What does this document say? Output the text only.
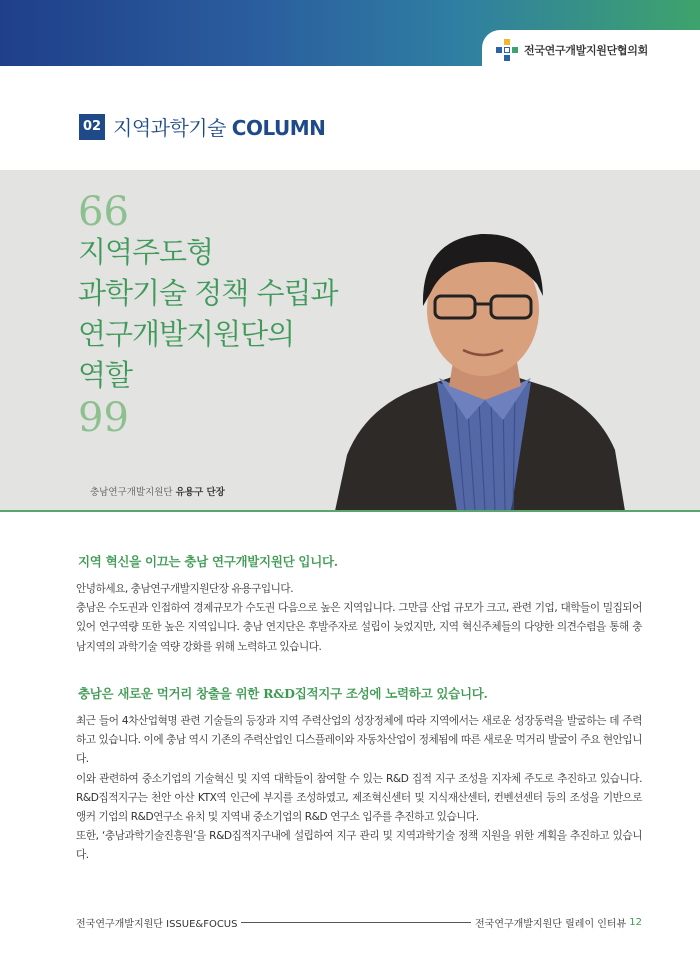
전국연구개발지원단협의회
02 지역과학기술 COLUMN
66
지역주도형
과학기술 정책 수립과
연구개발지원단의
역할
99
충남연구개발지원단 유용구 단장
지역 혁신을 이끄는 충남 연구개발지원단 입니다.

안녕하세요, 충남연구개발지원단장 유용구입니다.

충남은 수도권과 인접하여 경제규모가 수도권 다음으로 높은 지역입니다. 그만큼 산업 규모가 크고, 관련 기업, 대학들이 밀집되어 있어 연구역량 또한 높은 지역입니다. 충남 연지단은 후발주자로 설립이 늦었지만, 지역 혁신주체들의 다양한 의견수렴을 통해 충남지역의 과학기술 역량 강화를 위해 노력하고 있습니다.

충남은 새로운 먹거리 창출을 위한 R&D집적지구 조성에 노력하고 있습니다.

최근 들어 4차산업혁명 관련 기술들의 등장과 지역 주력산업의 성장정체에 따라 지역에서는 새로운 성장동력을 발굴하는 데 주력하고 있습니다. 이에 충남 역시 기존의 주력산업인 디스플레이와 자동차산업이 정체됨에 따른 새로운 먹거리 발굴이 주요 현안입니다.

이와 관련하여 중소기업의 기술혁신 및 지역 대학들이 참여할 수 있는 R&D 집적 지구 조성을 지자체 주도로 추진하고 있습니다. R&D집적지구는 천안 아산 KTX역 인근에 부지를 조성하였고, 제조혁신센터 및 지식재산센터, 컨벤션센터 등의 조성을 기반으로 앵커 기업의 R&D연구소 유치 및 지역내 중소기업의 R&D 연구소 입주를 추진하고 있습니다.

또한, ‘충남과학기술진흥원’을 R&D집적지구내에 설립하여 지구 관리 및 지역과학기술 정책 지원을 위한 계획을 추진하고 있습니다.

전국연구개발지원단 ISSUE&FOCUS	전국연구개발지원단 릴레이 인터뷰 12
